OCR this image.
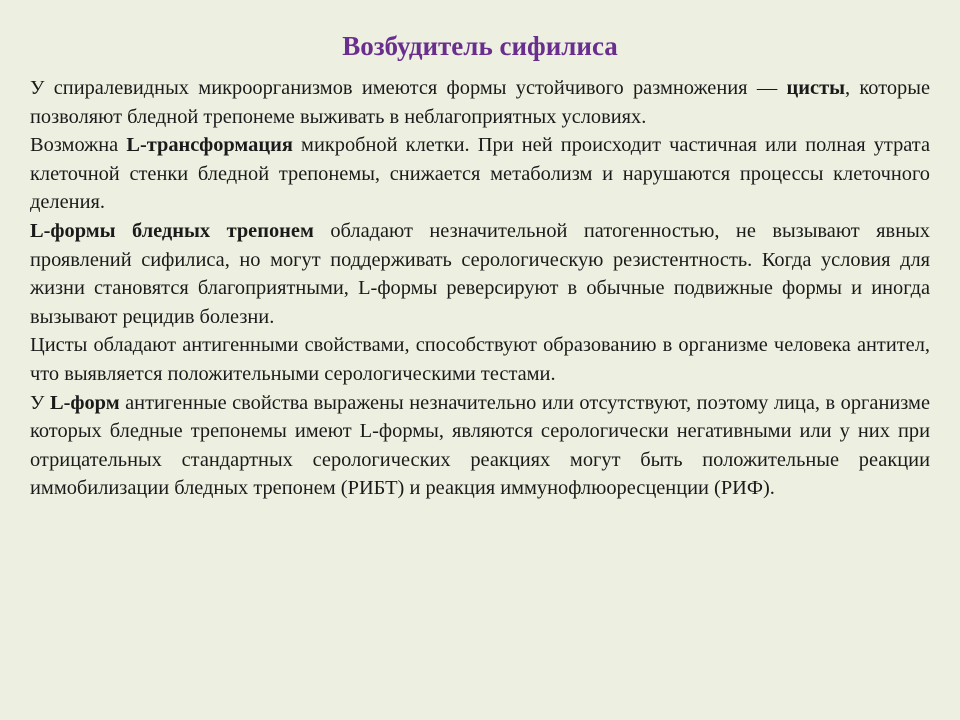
Возбудитель сифилиса

У спиралевидных микроорганизмов имеются формы устойчивого размножения — цисты, которые позволяют бледной трепонеме выживать в неблагоприятных условиях.

Возможна L-трансформация микробной клетки. При ней происходит частичная или полная утрата клеточной стенки бледной трепонемы, снижается метаболизм и нарушаются процессы клеточного деления.

L-формы бледных трепонем обладают незначительной патогенностью, не вызывают явных проявлений сифилиса, но могут поддерживать серологическую резистентность. Когда условия для жизни становятся благоприятными, L-формы реверсируют в обычные подвижные формы и иногда вызывают рецидив болезни.

Цисты обладают антигенными свойствами, способствуют образованию в организме человека антител, что выявляется положительными серологическими тестами.

У L-форм антигенные свойства выражены незначительно или отсутствуют, поэтому лица, в организме которых бледные трепонемы имеют L-формы, являются серологически негативными или у них при отрицательных стандартных серологических реакциях могут быть положительные реакции иммобилизации бледных трепонем (РИБТ) и реакция иммунофлюоресценции (РИФ).
